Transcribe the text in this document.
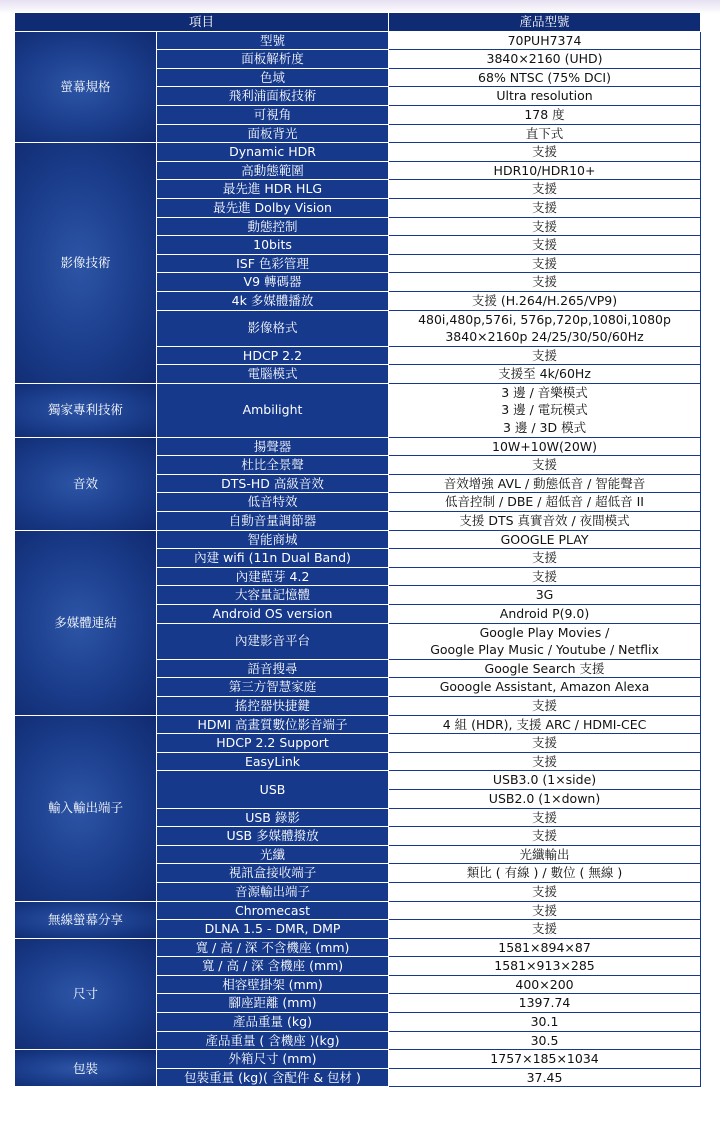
項目		產品型號
螢幕規格	型號	70PUH7374

	面板解析度	3840×2160 (UHD)

	色域	68% NTSC (75% DCI)

	飛利浦面板技術	Ultra resolution

	可視角	178 度

	面板背光	直下式

影像技術	Dynamic HDR	支援

	高動態範圍	HDR10/HDR10+

	最先進 HDR HLG	支援

	最先進 Dolby Vision	支援

	動態控制	支援

	10bits	支援

	ISF 色彩管理	支援

	V9 轉碼器	支援

	4k 多媒體播放	支援 (H.264/H.265/VP9)

	影像格式	480i,480p,576i, 576p,720p,1080i,1080p
3840×2160p 24/25/30/50/60Hz

	HDCP 2.2	支援

	電腦模式	支援至 4k/60Hz

獨家專利技術	Ambilight	3 邊 / 音樂模式
3 邊 / 電玩模式
3 邊 / 3D 模式

音效	揚聲器	10W+10W(20W)

	杜比全景聲	支援

	DTS-HD 高級音效	音效增強 AVL / 動態低音 / 智能聲音

	低音特效	低音控制 / DBE / 超低音 / 超低音 II

	自動音量調節器	支援 DTS 真實音效 / 夜間模式

多媒體連結	智能商城	GOOGLE PLAY

	內建 wifi (11n Dual Band)	支援

	內建藍芽 4.2	支援

	大容量記憶體	3G

	Android OS version	Android P(9.0)

	內建影音平台	Google Play Movies /
Google Play Music / Youtube / Netflix

	語音搜尋	Google Search 支援

	第三方智慧家庭	Gooogle Assistant, Amazon Alexa

	搖控器快捷鍵	支援

輸入輸出端子	HDMI 高畫質數位影音端子	4 組 (HDR), 支援 ARC / HDMI-CEC

	HDCP 2.2 Support	支援

	EasyLink	支援

	USB	USB3.0 (1×side)
		USB2.0 (1×down)
	USB 錄影	支援

	USB 多媒體撥放	支援

	光纖	光纖輸出

	視訊盒接收端子	類比 ( 有線 ) / 數位 ( 無線 )

	音源輸出端子	支援

無線螢幕分享	Chromecast	支援

	DLNA 1.5 - DMR, DMP	支援

尺寸	寬 / 高 / 深 不含機座 (mm)	1581×894×87

	寬 / 高 / 深 含機座 (mm)	1581×913×285

	相容壁掛架 (mm)	400×200

	腳座距離 (mm)	1397.74

	產品重量 (kg)	30.1

	產品重量 ( 含機座 )(kg)	30.5

包裝	外箱尺寸 (mm)	1757×185×1034

	包裝重量 (kg)( 含配件 & 包材 )	37.45
